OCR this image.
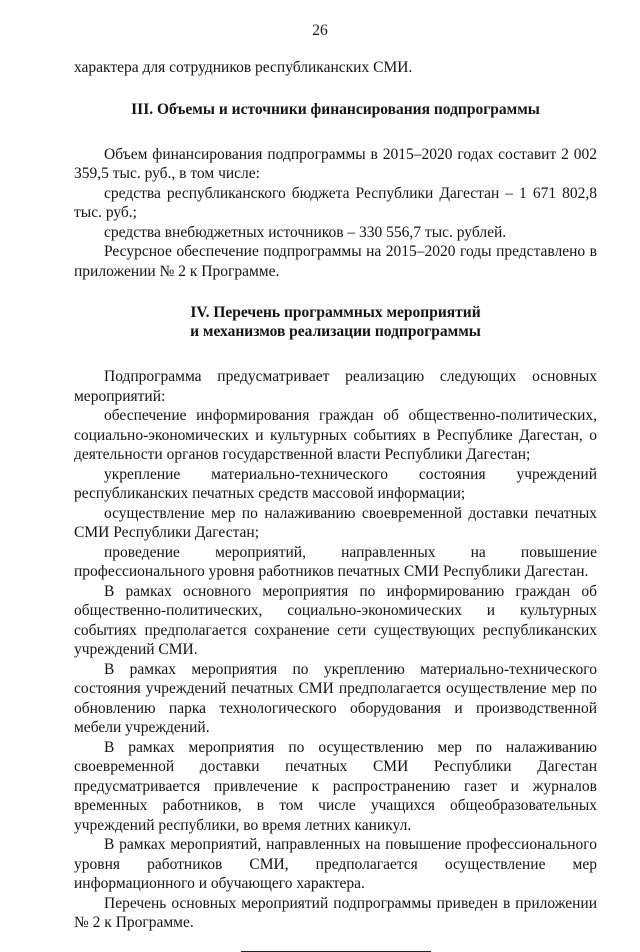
26

характера для сотрудников республиканских СМИ.

III. Объемы и источники финансирования подпрограммы

Объем финансирования подпрограммы в 2015–2020 годах составит 2 002 359,5 тыс. руб., в том числе:

средства республиканского бюджета Республики Дагестан – 1 671 802,8 тыс. руб.;

средства внебюджетных источников – 330 556,7 тыс. рублей.

Ресурсное обеспечение подпрограммы на 2015–2020 годы представлено в приложении № 2 к Программе.

IV. Перечень программных мероприятий
и механизмов реализации подпрограммы

Подпрограмма предусматривает реализацию следующих основных мероприятий:

обеспечение информирования граждан об общественно-политических, социально-экономических и культурных событиях в Республике Дагестан, о деятельности органов государственной власти Республики Дагестан;

укрепление материально-технического состояния учреждений республиканских печатных средств массовой информации;

осуществление мер по налаживанию своевременной доставки печатных СМИ Республики Дагестан;

проведение мероприятий, направленных на повышение профессионального уровня работников печатных СМИ Республики Дагестан.

В рамках основного мероприятия по информированию граждан об общественно-политических, социально-экономических и культурных событиях предполагается сохранение сети существующих республиканских учреждений СМИ.

В рамках мероприятия по укреплению материально-технического состояния учреждений печатных СМИ предполагается осуществление мер по обновлению парка технологического оборудования и производственной мебели учреждений.

В рамках мероприятия по осуществлению мер по налаживанию своевременной доставки печатных СМИ Республики Дагестан предусматривается привлечение к распространению газет и журналов временных работников, в том числе учащихся общеобразовательных учреждений республики, во время летних каникул.

В рамках мероприятий, направленных на повышение профессионального уровня работников СМИ, предполагается осуществление мер информационного и обучающего характера.

Перечень основных мероприятий подпрограммы приведен в приложении № 2 к Программе.
